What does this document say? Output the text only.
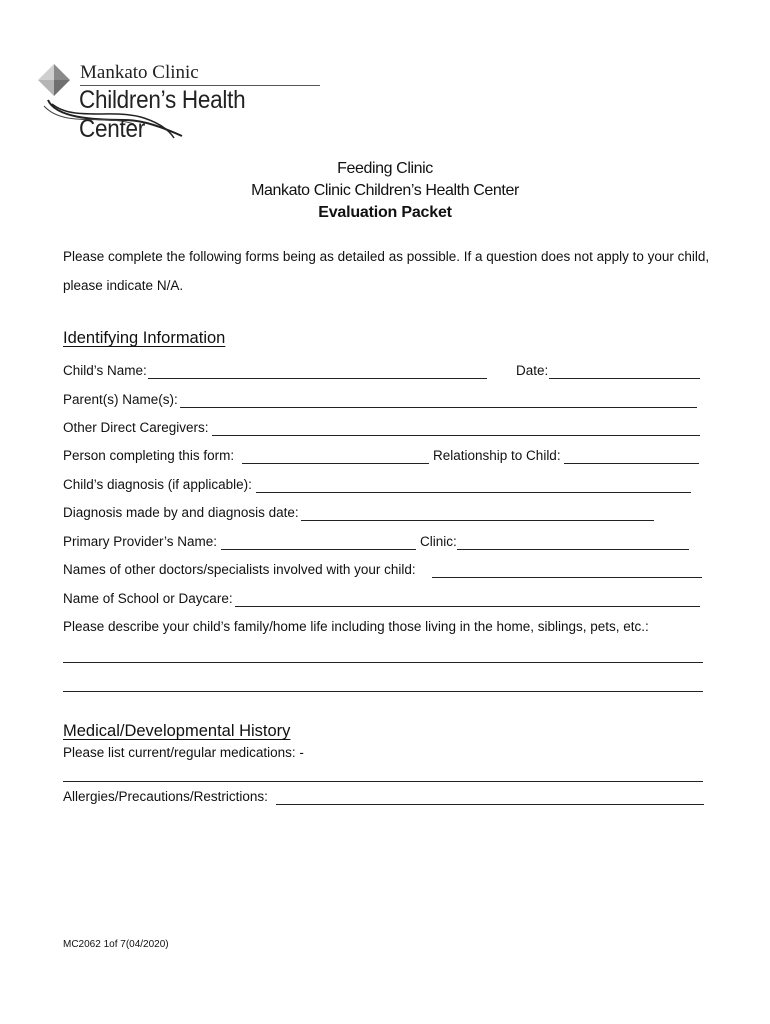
Mankato Clinic
Children’s Health Center
Feeding Clinic
Mankato Clinic Children’s Health Center
Evaluation Packet
Please complete the following forms being as detailed as possible. If a question does not apply to your child, please indicate N/A.
Identifying Information
Child’s Name:	Date:
Parent(s) Name(s):
Other Direct Caregivers:
Person completing this form:	Relationship to Child:
Child’s diagnosis (if applicable):
Diagnosis made by and diagnosis date:
Primary Provider’s Name:	Clinic:
Names of other doctors/specialists involved with your child:
Name of School or Daycare:
Please describe your child’s family/home life including those living in the home, siblings, pets, etc.:
Medical/Developmental History
Please list current/regular medications: -
Allergies/Precautions/Restrictions:
MC2062 1of 7(04/2020)
